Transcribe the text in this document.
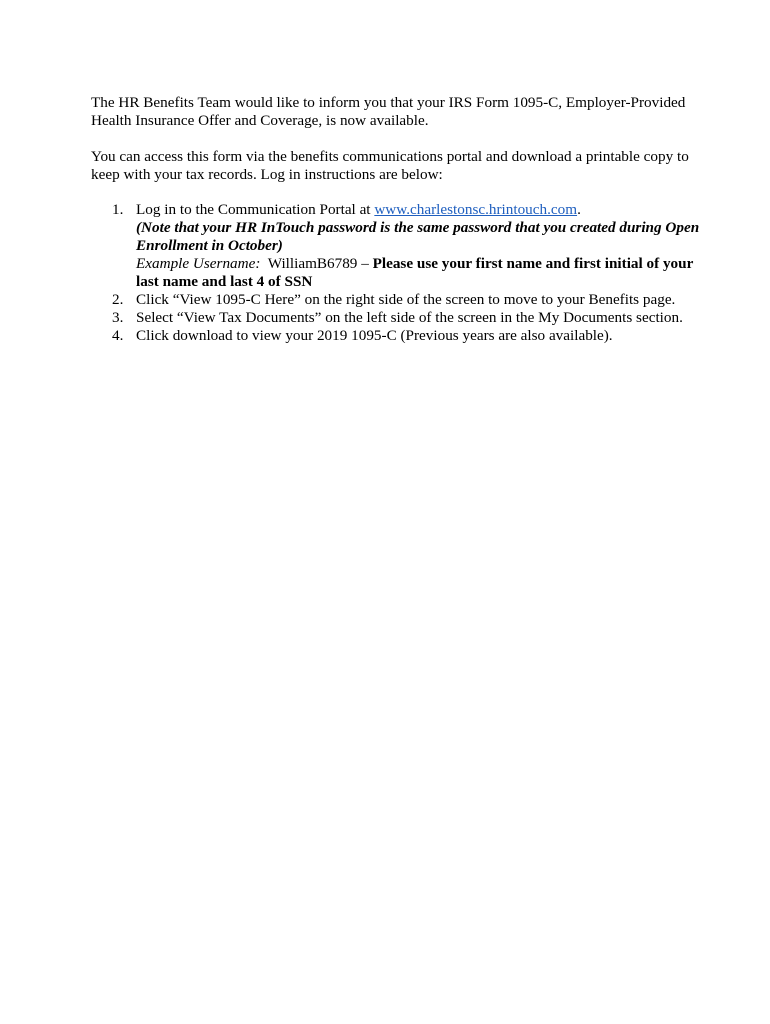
The HR Benefits Team would like to inform you that your IRS Form 1095-C, Employer-Provided Health Insurance Offer and Coverage, is now available.

You can access this form via the benefits communications portal and download a printable copy to keep with your tax records. Log in instructions are below:

1. Log in to the Communication Portal at www.charlestonsc.hrintouch.com.
(Note that your HR InTouch password is the same password that you created during Open Enrollment in October)
Example Username:  WilliamB6789 – Please use your first name and first initial of your last name and last 4 of SSN
2. Click “View 1095-C Here” on the right side of the screen to move to your Benefits page.
3. Select “View Tax Documents” on the left side of the screen in the My Documents section.
4. Click download to view your 2019 1095-C (Previous years are also available).
